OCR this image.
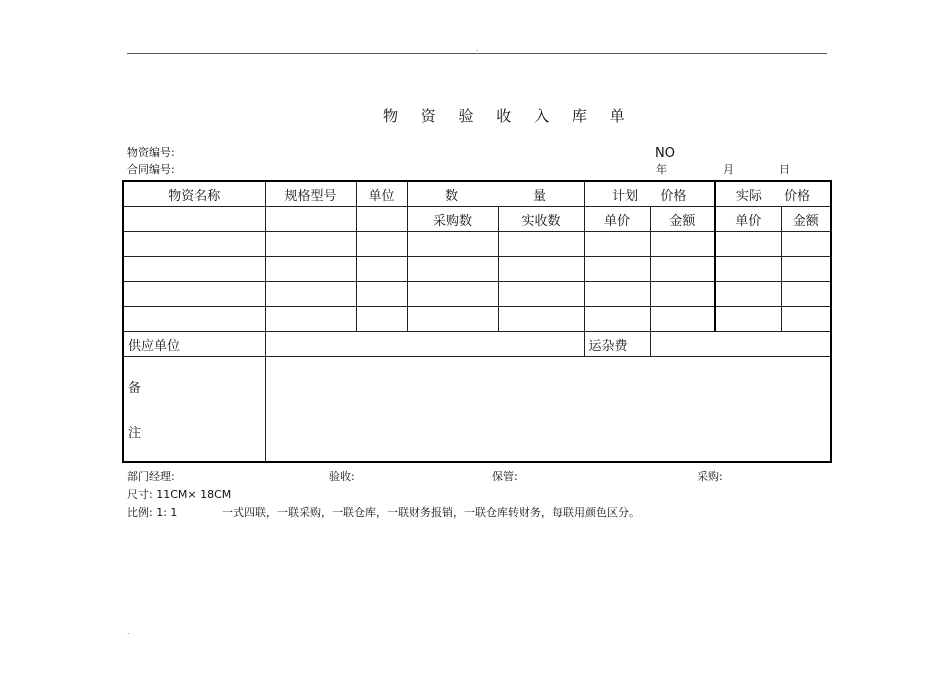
.
物 资 验 收 入 库 单
物资编号:
合同编号:
NO
年	月	日
物资名称	规格型号	单位	数 量		计划 价格		实际 价格	
			采购数	实收数	单价	金额	单价	金额

供应单位					运杂费			

备
注								

部门经理:	验收:	保管:	采购:
尺寸: 11CM× 18CM
比例: 1: 1	一式四联，一联采购，一联仓库，一联财务报销，一联仓库转财务，每联用颜色区分。
.
